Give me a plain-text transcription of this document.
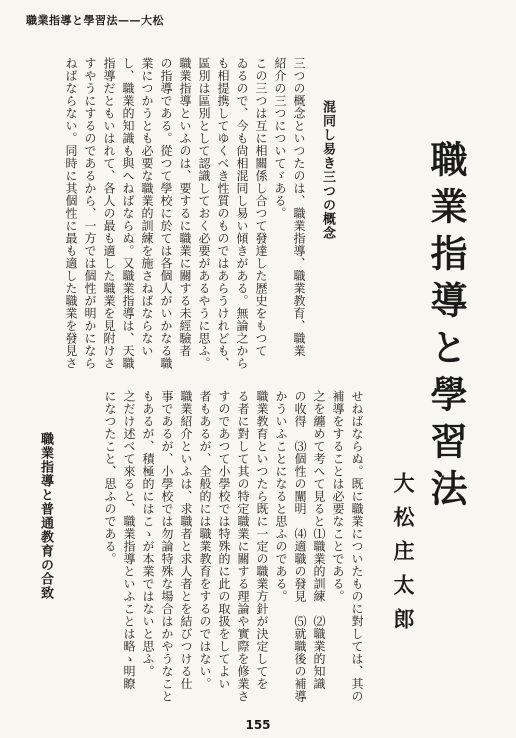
職業指導と學習法——大松
職業指導と學習法
大松庄太郎
混同し易き三つの概念

三つの概念といつたのは、職業指導、職業教育、職業

紹介の三つについてゞある。

この三つは互に相關係し合つて發達した歴史をもつて

ゐるので、今も尙相混同し易い傾きがある。無論之から

も相提携してゆくべき性質のものではあらうけれども、

區別は區別として認識しておく必要があるやうに思ふ。

職業指導といふのは、要するに職業に關する未經驗者

の指導である。從つて學校に於ては各個人がいかなる職

業につかうとも必要な職業的訓練を施さねばならない

し、職業的知識も與へねばならぬ。又職業指導は、天職

指導だともいはれて、各人の最も適した職業を見附けさ

すやうにするのであるから、一方では個性が明かになら

ねばならない。同時に其個性に最も適した職業を發見さ

職業指導と普通教育の合致	せねばならぬ。既に職業についたものに對しては、其の

補導をすることは必要なことである。

之を纏めて考へて見ると⑴職業的訓練　⑵職業的知識

の收得　⑶個性の闡明　⑷適職の發見　⑸就職後の補導

かういふことになると思ふのである。

職業教育といつたら既に一定の職業方針が決定してを

る者に對して其の特定職業に關する理論や實際を修業さ

すのであつて小學校では特殊的に此の取扱をしてよい

者もあるが、全般的には職業教育をするのではない。

職業紹介といふは、求職者と求人者とを結びつける仕

事であるが、小學校では勿論特殊な場合はかやうなこと

もあるが、積極的にはこゝが本業ではないと思ふ。

之だけ述べて來ると、職業指導といふことは略ゝ明瞭

になつたこと、思ふのである。

155
